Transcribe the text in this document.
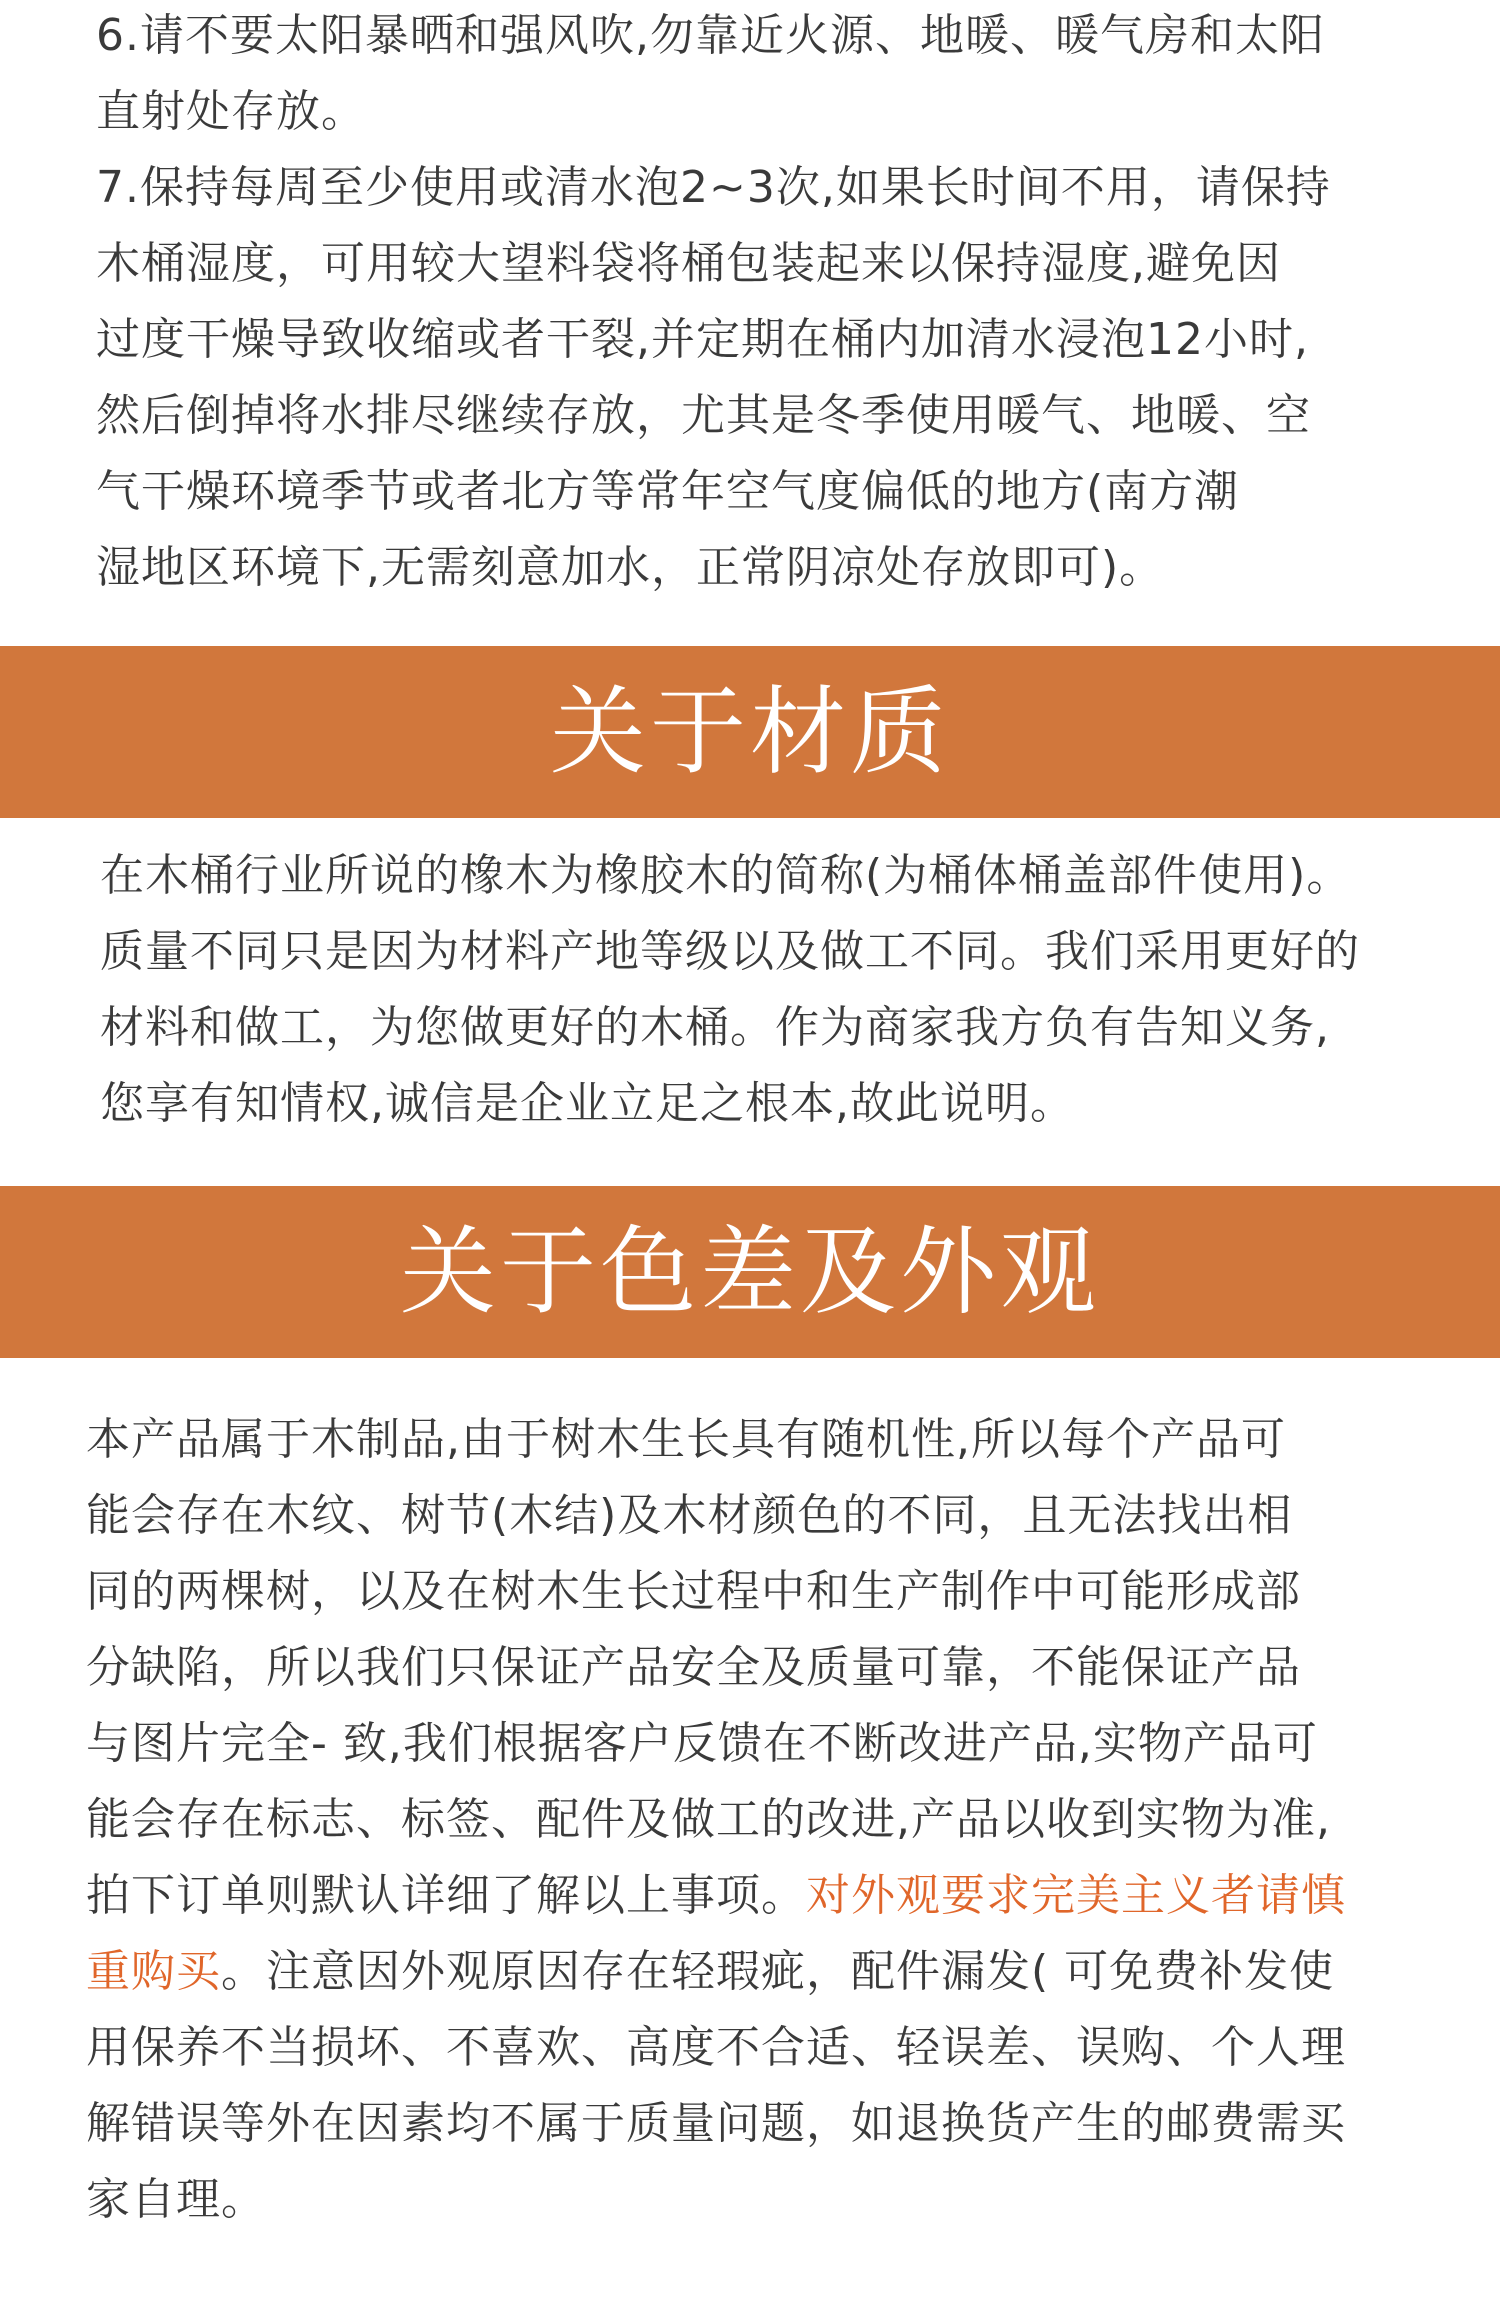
6.请不要太阳暴晒和强风吹,勿靠近火源、地暖、暖气房和太阳
直射处存放。
7.保持每周至少使用或清水泡2~3次,如果长时间不用，请保持
木桶湿度，可用较大望料袋将桶包装起来以保持湿度,避免因
过度干燥导致收缩或者干裂,并定期在桶内加清水浸泡12小时,
然后倒掉将水排尽继续存放，尤其是冬季使用暖气、地暖、空
气干燥环境季节或者北方等常年空气度偏低的地方(南方潮
湿地区环境下,无需刻意加水，正常阴凉处存放即可)。
关于材质
在木桶行业所说的橡木为橡胶木的简称(为桶体桶盖部件使用)。
质量不同只是因为材料产地等级以及做工不同。我们采用更好的
材料和做工，为您做更好的木桶。作为商家我方负有告知义务,
您享有知情权,诚信是企业立足之根本,故此说明。
关于色差及外观
本产品属于木制品,由于树木生长具有随机性,所以每个产品可
能会存在木纹、树节(木结)及木材颜色的不同，且无法找出相
同的两棵树，以及在树木生长过程中和生产制作中可能形成部
分缺陷，所以我们只保证产品安全及质量可靠，不能保证产品
与图片完全- 致,我们根据客户反馈在不断改进产品,实物产品可
能会存在标志、标签、配件及做工的改进,产品以收到实物为准,
拍下订单则默认详细了解以上事项。对外观要求完美主义者请慎
重购买。注意因外观原因存在轻瑕疵，配件漏发( 可免费补发使
用保养不当损坏、不喜欢、高度不合适、轻误差、误购、个人理
解错误等外在因素均不属于质量问题，如退换货产生的邮费需买
家自理。
